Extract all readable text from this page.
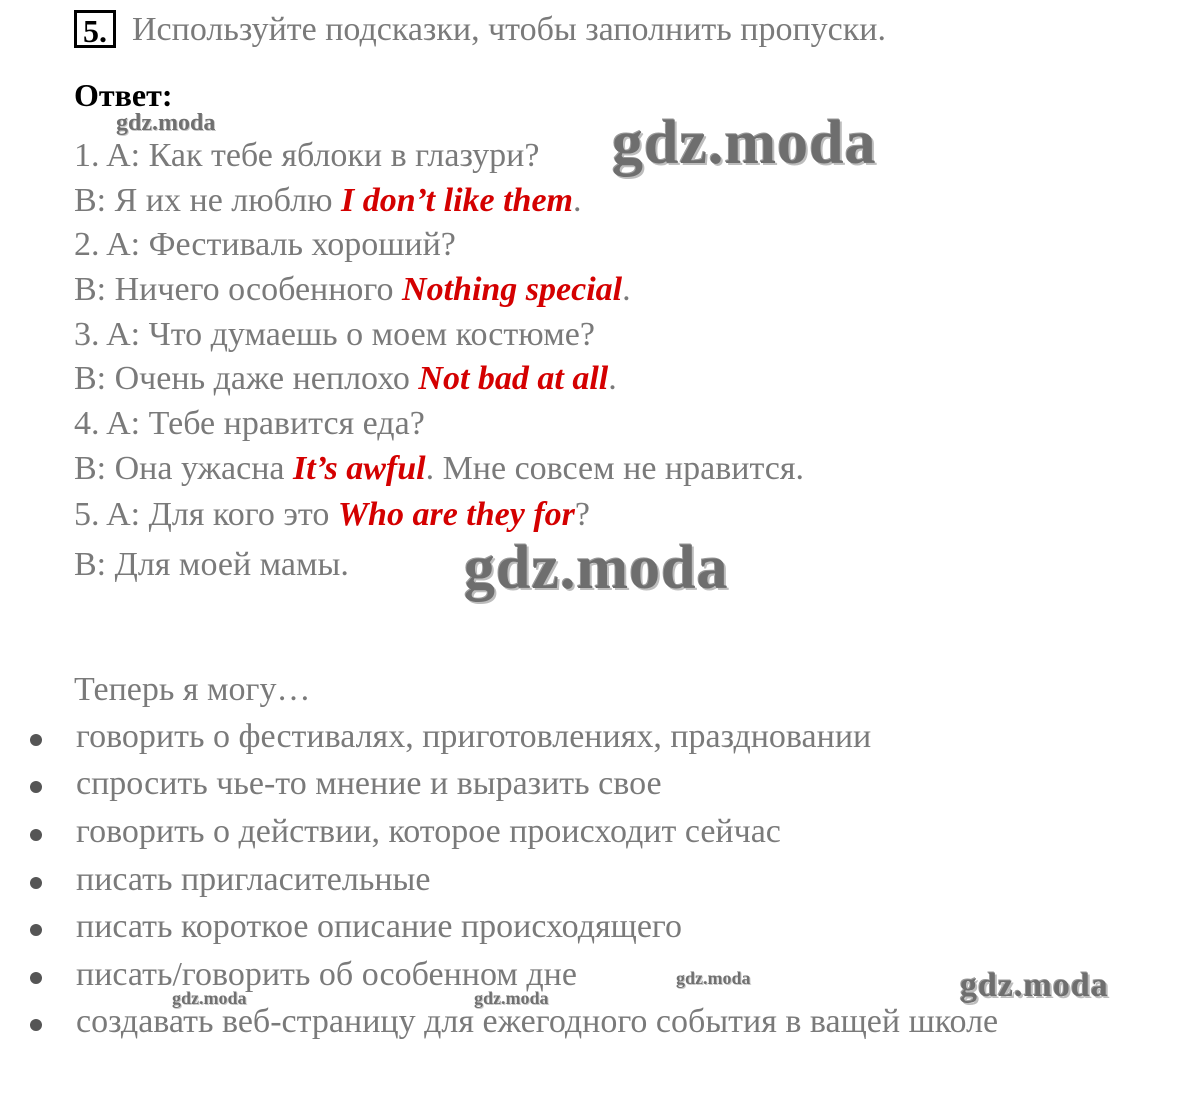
5. Используйте подсказки, чтобы заполнить пропуски.
Ответ:
1. A: Как тебе яблоки в глазури?
B: Я их не люблю I don’t like them.
2. A: Фестиваль хороший?
B: Ничего особенного Nothing special.
3. A: Что думаешь о моем костюме?
B: Очень даже неплохо Not bad at all.
4. A: Тебе нравится еда?
B: Она ужасна It’s awful. Мне совсем не нравится.
5. A: Для кого это Who are they for?
B: Для моей мамы.
Теперь я могу…
говорить о фестивалях, приготовлениях, праздновании
спросить чье-то мнение и выразить свое
говорить о действии, которое происходит сейчас
писать пригласительные
писать короткое описание происходящего
писать/говорить об особенном дне
создавать веб-страницу для ежегодного события в ващей школе
gdz.moda	gdz.moda
gdz.moda
gdz.moda
gdz.moda	gdz.moda	gdz.moda
